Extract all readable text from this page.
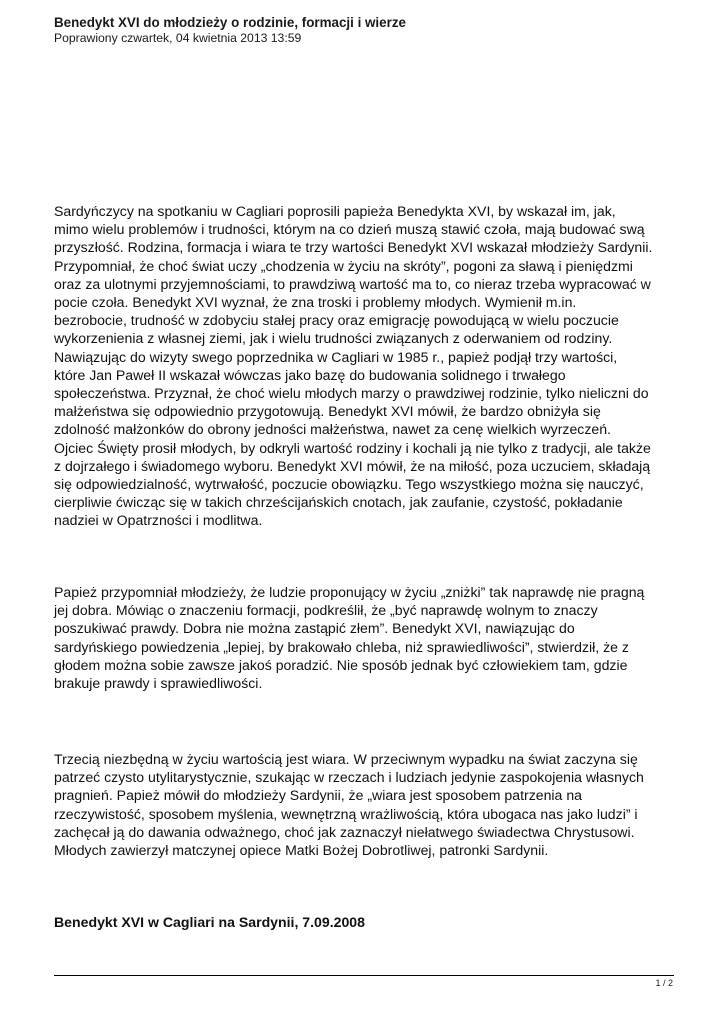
Benedykt XVI do młodzieży o rodzinie, formacji i wierze
Poprawiony czwartek, 04 kwietnia 2013 13:59
Sardyńczycy na spotkaniu w Cagliari poprosili papieża Benedykta XVI, by wskazał im, jak,
mimo wielu problemów i trudności, którym na co dzień muszą stawić czoła, mają budować swą
przyszłość. Rodzina, formacja i wiara te trzy wartości Benedykt XVI wskazał młodzieży Sardynii.
Przypomniał, że choć świat uczy „chodzenia w życiu na skróty”, pogoni za sławą i pieniędzmi
oraz za ulotnymi przyjemnościami, to prawdziwą wartość ma to, co nieraz trzeba wypracować w
pocie czoła. Benedykt XVI wyznał, że zna troski i problemy młodych. Wymienił m.in.
bezrobocie, trudność w zdobyciu stałej pracy oraz emigrację powodującą w wielu poczucie
wykorzenienia z własnej ziemi, jak i wielu trudności związanych z oderwaniem od rodziny.
Nawiązując do wizyty swego poprzednika w Cagliari w 1985 r., papież podjął trzy wartości,
które Jan Paweł II wskazał wówczas jako bazę do budowania solidnego i trwałego
społeczeństwa. Przyznał, że choć wielu młodych marzy o prawdziwej rodzinie, tylko nieliczni do
małżeństwa się odpowiednio przygotowują. Benedykt XVI mówił, że bardzo obniżyła się
zdolność małżonków do obrony jedności małżeństwa, nawet za cenę wielkich wyrzeczeń.
Ojciec Święty prosił młodych, by odkryli wartość rodziny i kochali ją nie tylko z tradycji, ale także
z dojrzałego i świadomego wyboru. Benedykt XVI mówił, że na miłość, poza uczuciem, składają
się odpowiedzialność, wytrwałość, poczucie obowiązku. Tego wszystkiego można się nauczyć,
cierpliwie ćwicząc się w takich chrześcijańskich cnotach, jak zaufanie, czystość, pokładanie
nadziei w Opatrzności i modlitwa.
Papież przypomniał młodzieży, że ludzie proponujący w życiu „zniżki” tak naprawdę nie pragną
jej dobra. Mówiąc o znaczeniu formacji, podkreślił, że „być naprawdę wolnym to znaczy
poszukiwać prawdy. Dobra nie można zastąpić złem”. Benedykt XVI, nawiązując do
sardyńskiego powiedzenia „lepiej, by brakowało chleba, niż sprawiedliwości”, stwierdził, że z
głodem można sobie zawsze jakoś poradzić. Nie sposób jednak być człowiekiem tam, gdzie
brakuje prawdy i sprawiedliwości.
Trzecią niezbędną w życiu wartością jest wiara. W przeciwnym wypadku na świat zaczyna się
patrzeć czysto utylitarystycznie, szukając w rzeczach i ludziach jedynie zaspokojenia własnych
pragnień. Papież mówił do młodzieży Sardynii, że „wiara jest sposobem patrzenia na
rzeczywistość, sposobem myślenia, wewnętrzną wrażliwością, która ubogaca nas jako ludzi” i
zachęcał ją do dawania odważnego, choć jak zaznaczył niełatwego świadectwa Chrystusowi.
Młodych zawierzył matczynej opiece Matki Bożej Dobrotliwej, patronki Sardynii.
Benedykt XVI w Cagliari na Sardynii, 7.09.2008
1 / 2
